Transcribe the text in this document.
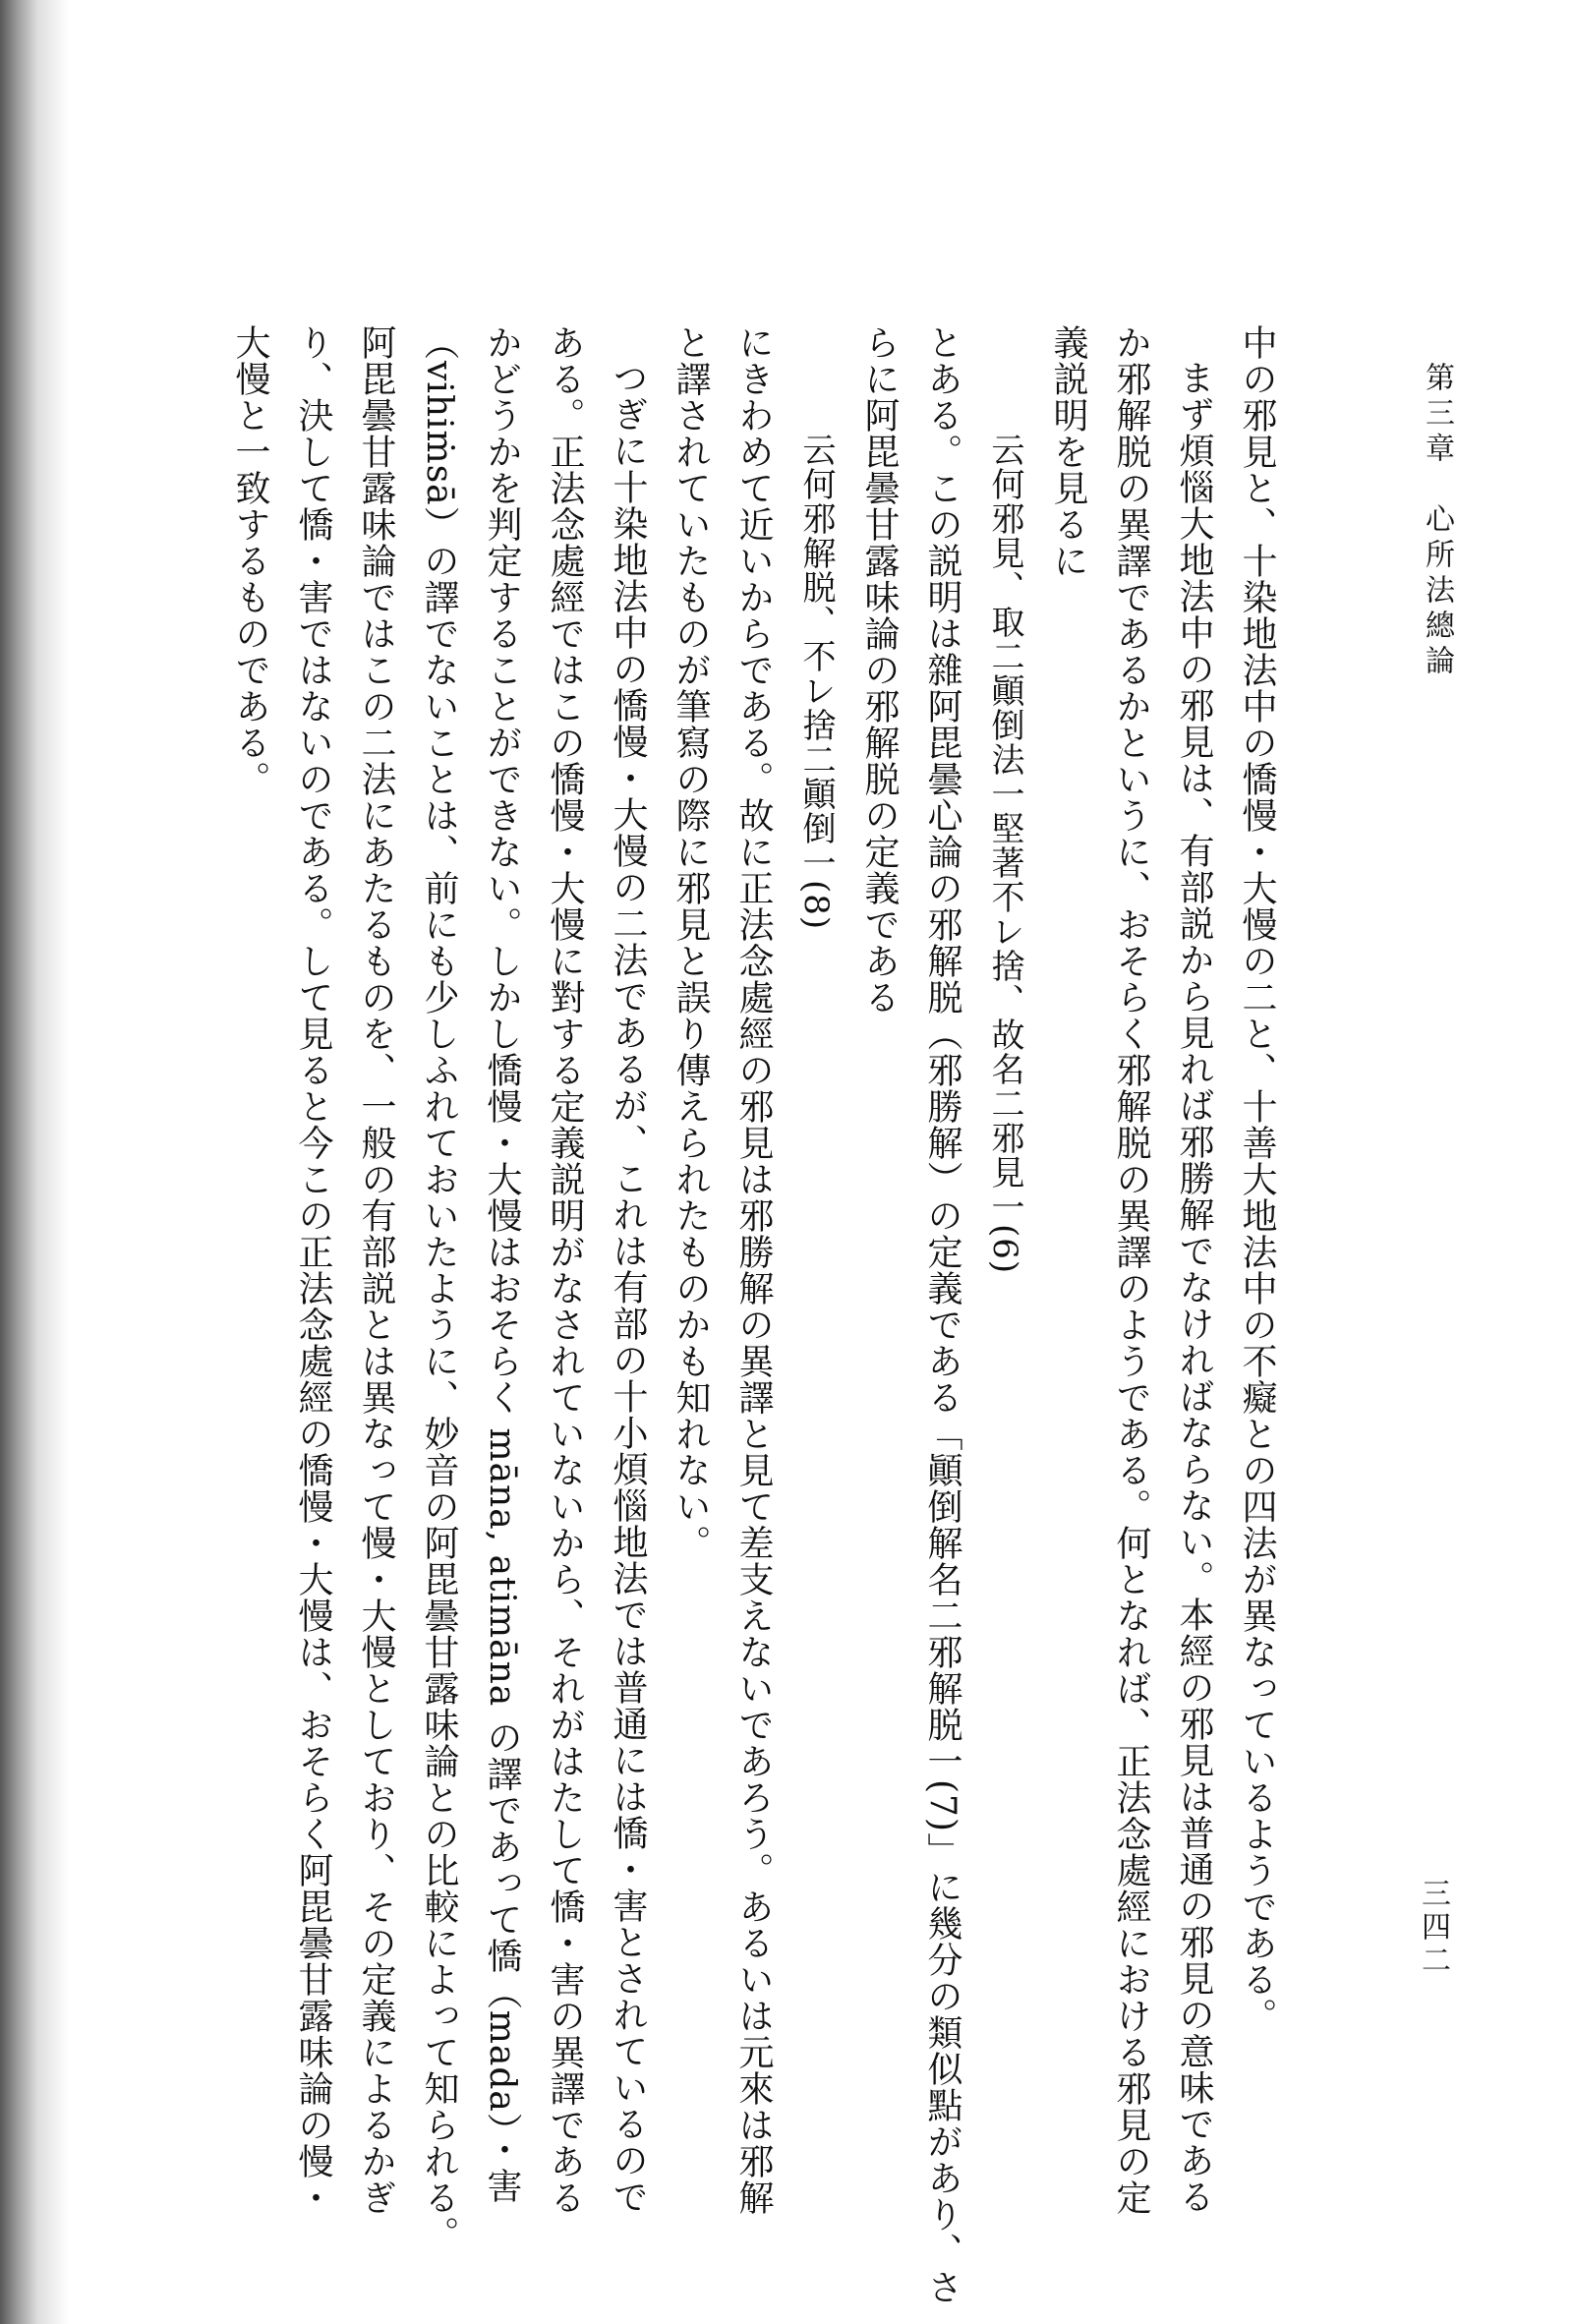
第三章　心所法總論
三四二
中の邪見と、十染地法中の憍慢・大慢の二と、十善大地法中の不癡との四法が異なっているようである。
まず煩惱大地法中の邪見は、有部説から見れば邪勝解でなければならない。本經の邪見は普通の邪見の意味である
か邪解脱の異譯であるかというに、おそらく邪解脱の異譯のようである。何となれば、正法念處經における邪見の定
義説明を見るに
云何邪見、取二顚倒法一堅著不レ捨、故名二邪見一(6)
とある。この説明は雜阿毘曇心論の邪解脱（邪勝解）の定義である「顚倒解名二邪解脱一(7)」に幾分の類似點があり、さ
らに阿毘曇甘露味論の邪解脱の定義である
云何邪解脱、不レ捨二顚倒一(8)
にきわめて近いからである。故に正法念處經の邪見は邪勝解の異譯と見て差支えないであろう。あるいは元來は邪解
と譯されていたものが筆寫の際に邪見と誤り傳えられたものかも知れない。
つぎに十染地法中の憍慢・大慢の二法であるが、これは有部の十小煩惱地法では普通には憍・害とされているので
ある。正法念處經ではこの憍慢・大慢に對する定義説明がなされていないから、それがはたして憍・害の異譯である
かどうかを判定することができない。しかし憍慢・大慢はおそらく māna, atimāna の譯であって憍（mada）・害
（vihiṁsā）の譯でないことは、前にも少しふれておいたように、妙音の阿毘曇甘露味論との比較によって知られる。
阿毘曇甘露味論ではこの二法にあたるものを、一般の有部説とは異なって慢・大慢としており、その定義によるかぎ
り、決して憍・害ではないのである。して見ると今この正法念處經の憍慢・大慢は、おそらく阿毘曇甘露味論の慢・
大慢と一致するものである。
